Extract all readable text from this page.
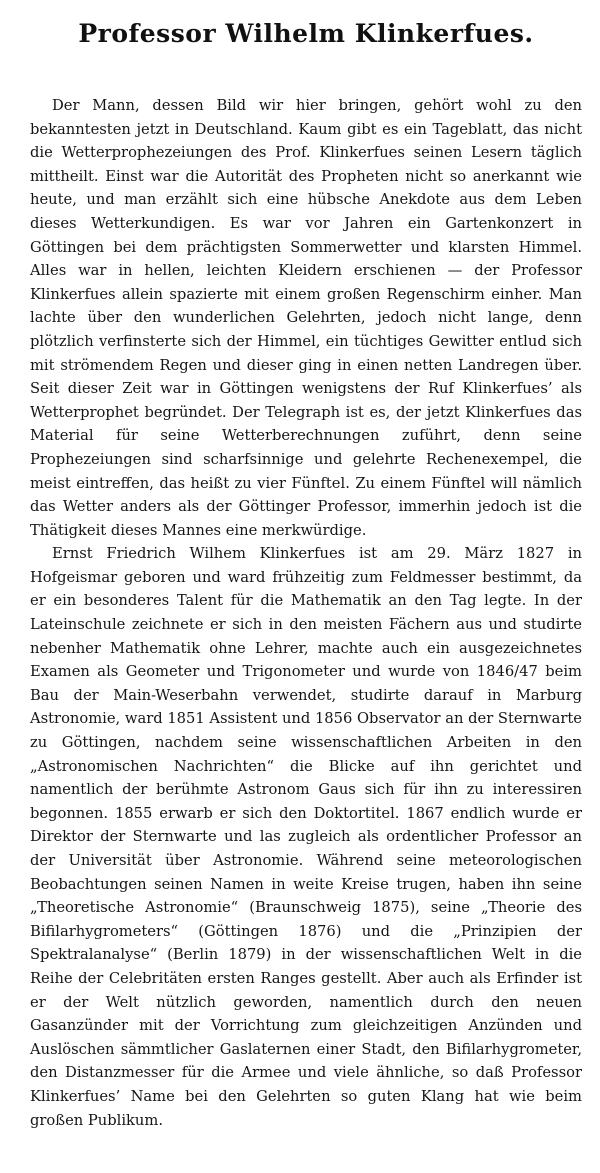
Professor Wilhelm Klinkerfues.

Der Mann, dessen Bild wir hier bringen, gehört wohl zu den bekanntesten jetzt in Deutschland. Kaum gibt es ein Tageblatt, das nicht die Wetterprophezeiungen des Prof. Klinkerfues seinen Lesern täglich mittheilt. Einst war die Autorität des Propheten nicht so anerkannt wie heute, und man erzählt sich eine hübsche Anekdote aus dem Leben dieses Wetterkundigen. Es war vor Jahren ein Gartenkonzert in Göttingen bei dem prächtigsten Sommerwetter und klarsten Himmel. Alles war in hellen, leichten Kleidern erschienen — der Professor Klinkerfues allein spazierte mit einem großen Regenschirm einher. Man lachte über den wunderlichen Gelehrten, jedoch nicht lange, denn plötzlich verfinsterte sich der Himmel, ein tüchtiges Gewitter entlud sich mit strömendem Regen und dieser ging in einen netten Landregen über. Seit dieser Zeit war in Göttingen wenigstens der Ruf Klinkerfues’ als Wetterprophet begründet. Der Telegraph ist es, der jetzt Klinkerfues das Material für seine Wetterberechnungen zuführt, denn seine Prophezeiungen sind scharfsinnige und gelehrte Rechenexempel, die meist eintreffen, das heißt zu vier Fünftel. Zu einem Fünftel will nämlich das Wetter anders als der Göttinger Professor, immerhin jedoch ist die Thätigkeit dieses Mannes eine merkwürdige.

Ernst Friedrich Wilhem Klinkerfues ist am 29. März 1827 in Hofgeismar geboren und ward frühzeitig zum Feldmesser bestimmt, da er ein besonderes Talent für die Mathematik an den Tag legte. In der Lateinschule zeichnete er sich in den meisten Fächern aus und studirte nebenher Mathematik ohne Lehrer, machte auch ein ausgezeichnetes Examen als Geometer und Trigonometer und wurde von 1846/47 beim Bau der Main-Weserbahn verwendet, studirte darauf in Marburg Astronomie, ward 1851 Assistent und 1856 Observator an der Sternwarte zu Göttingen, nachdem seine wissenschaftlichen Arbeiten in den „Astronomischen Nachrichten“ die Blicke auf ihn gerichtet und namentlich der berühmte Astronom Gaus sich für ihn zu interessiren begonnen. 1855 erwarb er sich den Doktortitel. 1867 endlich wurde er Direktor der Sternwarte und las zugleich als ordentlicher Professor an der Universität über Astronomie. Während seine meteorologischen Beobachtungen seinen Namen in weite Kreise trugen, haben ihn seine „Theoretische Astronomie“ (Braunschweig 1875), seine „Theorie des Bifilarhygrometers“ (Göttingen 1876) und die „Prinzipien der Spektralanalyse“ (Berlin 1879) in der wissenschaftlichen Welt in die Reihe der Celebritäten ersten Ranges gestellt. Aber auch als Erfinder ist er der Welt nützlich geworden, namentlich durch den neuen Gasanzünder mit der Vorrichtung zum gleichzeitigen Anzünden und Auslöschen sämmtlicher Gaslaternen einer Stadt, den Bifilarhygrometer, den Distanzmesser für die Armee und viele ähnliche, so daß Professor Klinkerfues’ Name bei den Gelehrten so guten Klang hat wie beim großen Publikum.
